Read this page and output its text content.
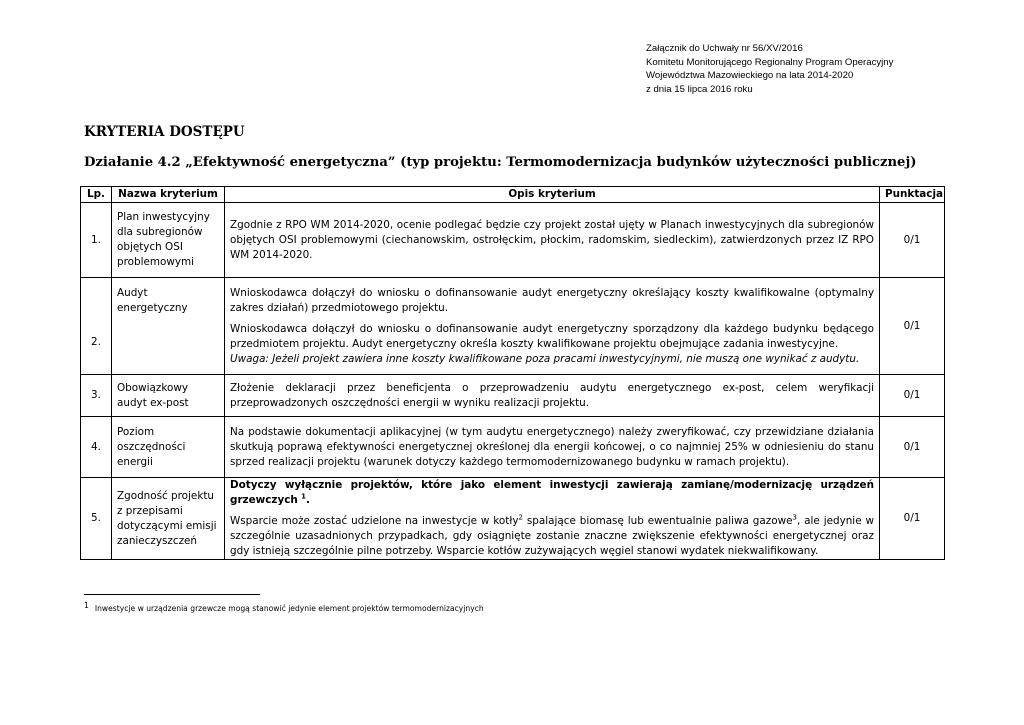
Załącznik do Uchwały nr 56/XV/2016
Komitetu Monitorującego Regionalny Program Operacyjny
Województwa Mazowieckiego na lata 2014-2020
z dnia 15 lipca 2016 roku
KRYTERIA DOSTĘPU
Działanie 4.2 „Efektywność energetyczna” (typ projektu: Termomodernizacja budynków użyteczności publicznej)
Lp.	Nazwa kryterium	Opis kryterium	Punktacja
1.	Plan inwestycyjny dla subregionów objętych OSI problemowymi	Zgodnie z RPO WM 2014-2020, ocenie podlegać będzie czy projekt został ujęty w Planach inwestycyjnych dla subregionów objętych OSI problemowymi (ciechanowskim, ostrołęckim, płockim, radomskim, siedleckim), zatwierdzonych przez IZ RPO WM 2014-2020.	0/1
2.	Audyt energetyczny	Wnioskodawca dołączył do wniosku o dofinansowanie audyt energetyczny określający koszty kwalifikowalne (optymalny zakres działań) przedmiotowego projektu.

Wnioskodawca dołączył do wniosku o dofinansowanie audyt energetyczny sporządzony dla każdego budynku będącego przedmiotem projektu. Audyt energetyczny określa koszty kwalifikowane projektu obejmujące zadania inwestycyjne.

Uwaga: Jeżeli projekt zawiera inne koszty kwalifikowane poza pracami inwestycyjnymi, nie muszą one wynikać z audytu.	0/1
3.	Obowiązkowy audyt ex-post	Złożenie deklaracji przez beneficjenta o przeprowadzeniu audytu energetycznego ex-post, celem weryfikacji przeprowadzonych oszczędności energii w wyniku realizacji projektu.	0/1
4.	Poziom oszczędności energii	Na podstawie dokumentacji aplikacyjnej (w tym audytu energetycznego) należy zweryfikować, czy przewidziane działania skutkują poprawą efektywności energetycznej określonej dla energii końcowej, o co najmniej 25% w odniesieniu do stanu sprzed realizacji projektu (warunek dotyczy każdego termomodernizowanego budynku w ramach projektu).	0/1
5.	Zgodność projektu z przepisami dotyczącymi emisji zanieczyszczeń	Dotyczy wyłącznie projektów, które jako element inwestycji zawierają zamianę/modernizację urządzeń grzewczych $^1$.

Wsparcie może zostać udzielone na inwestycje w kotły$^2$ spalające biomasę lub ewentualnie paliwa gazowe$^3$, ale jedynie w szczególnie uzasadnionych przypadkach, gdy osiągnięte zostanie znaczne zwiększenie efektywności energetycznej oraz gdy istnieją szczególnie pilne potrzeby. Wsparcie kotłów zużywających węgiel stanowi wydatek niekwalifikowany.	0/1
1 Inwestycje w urządzenia grzewcze mogą stanowić jedynie element projektów termomodernizacyjnych
